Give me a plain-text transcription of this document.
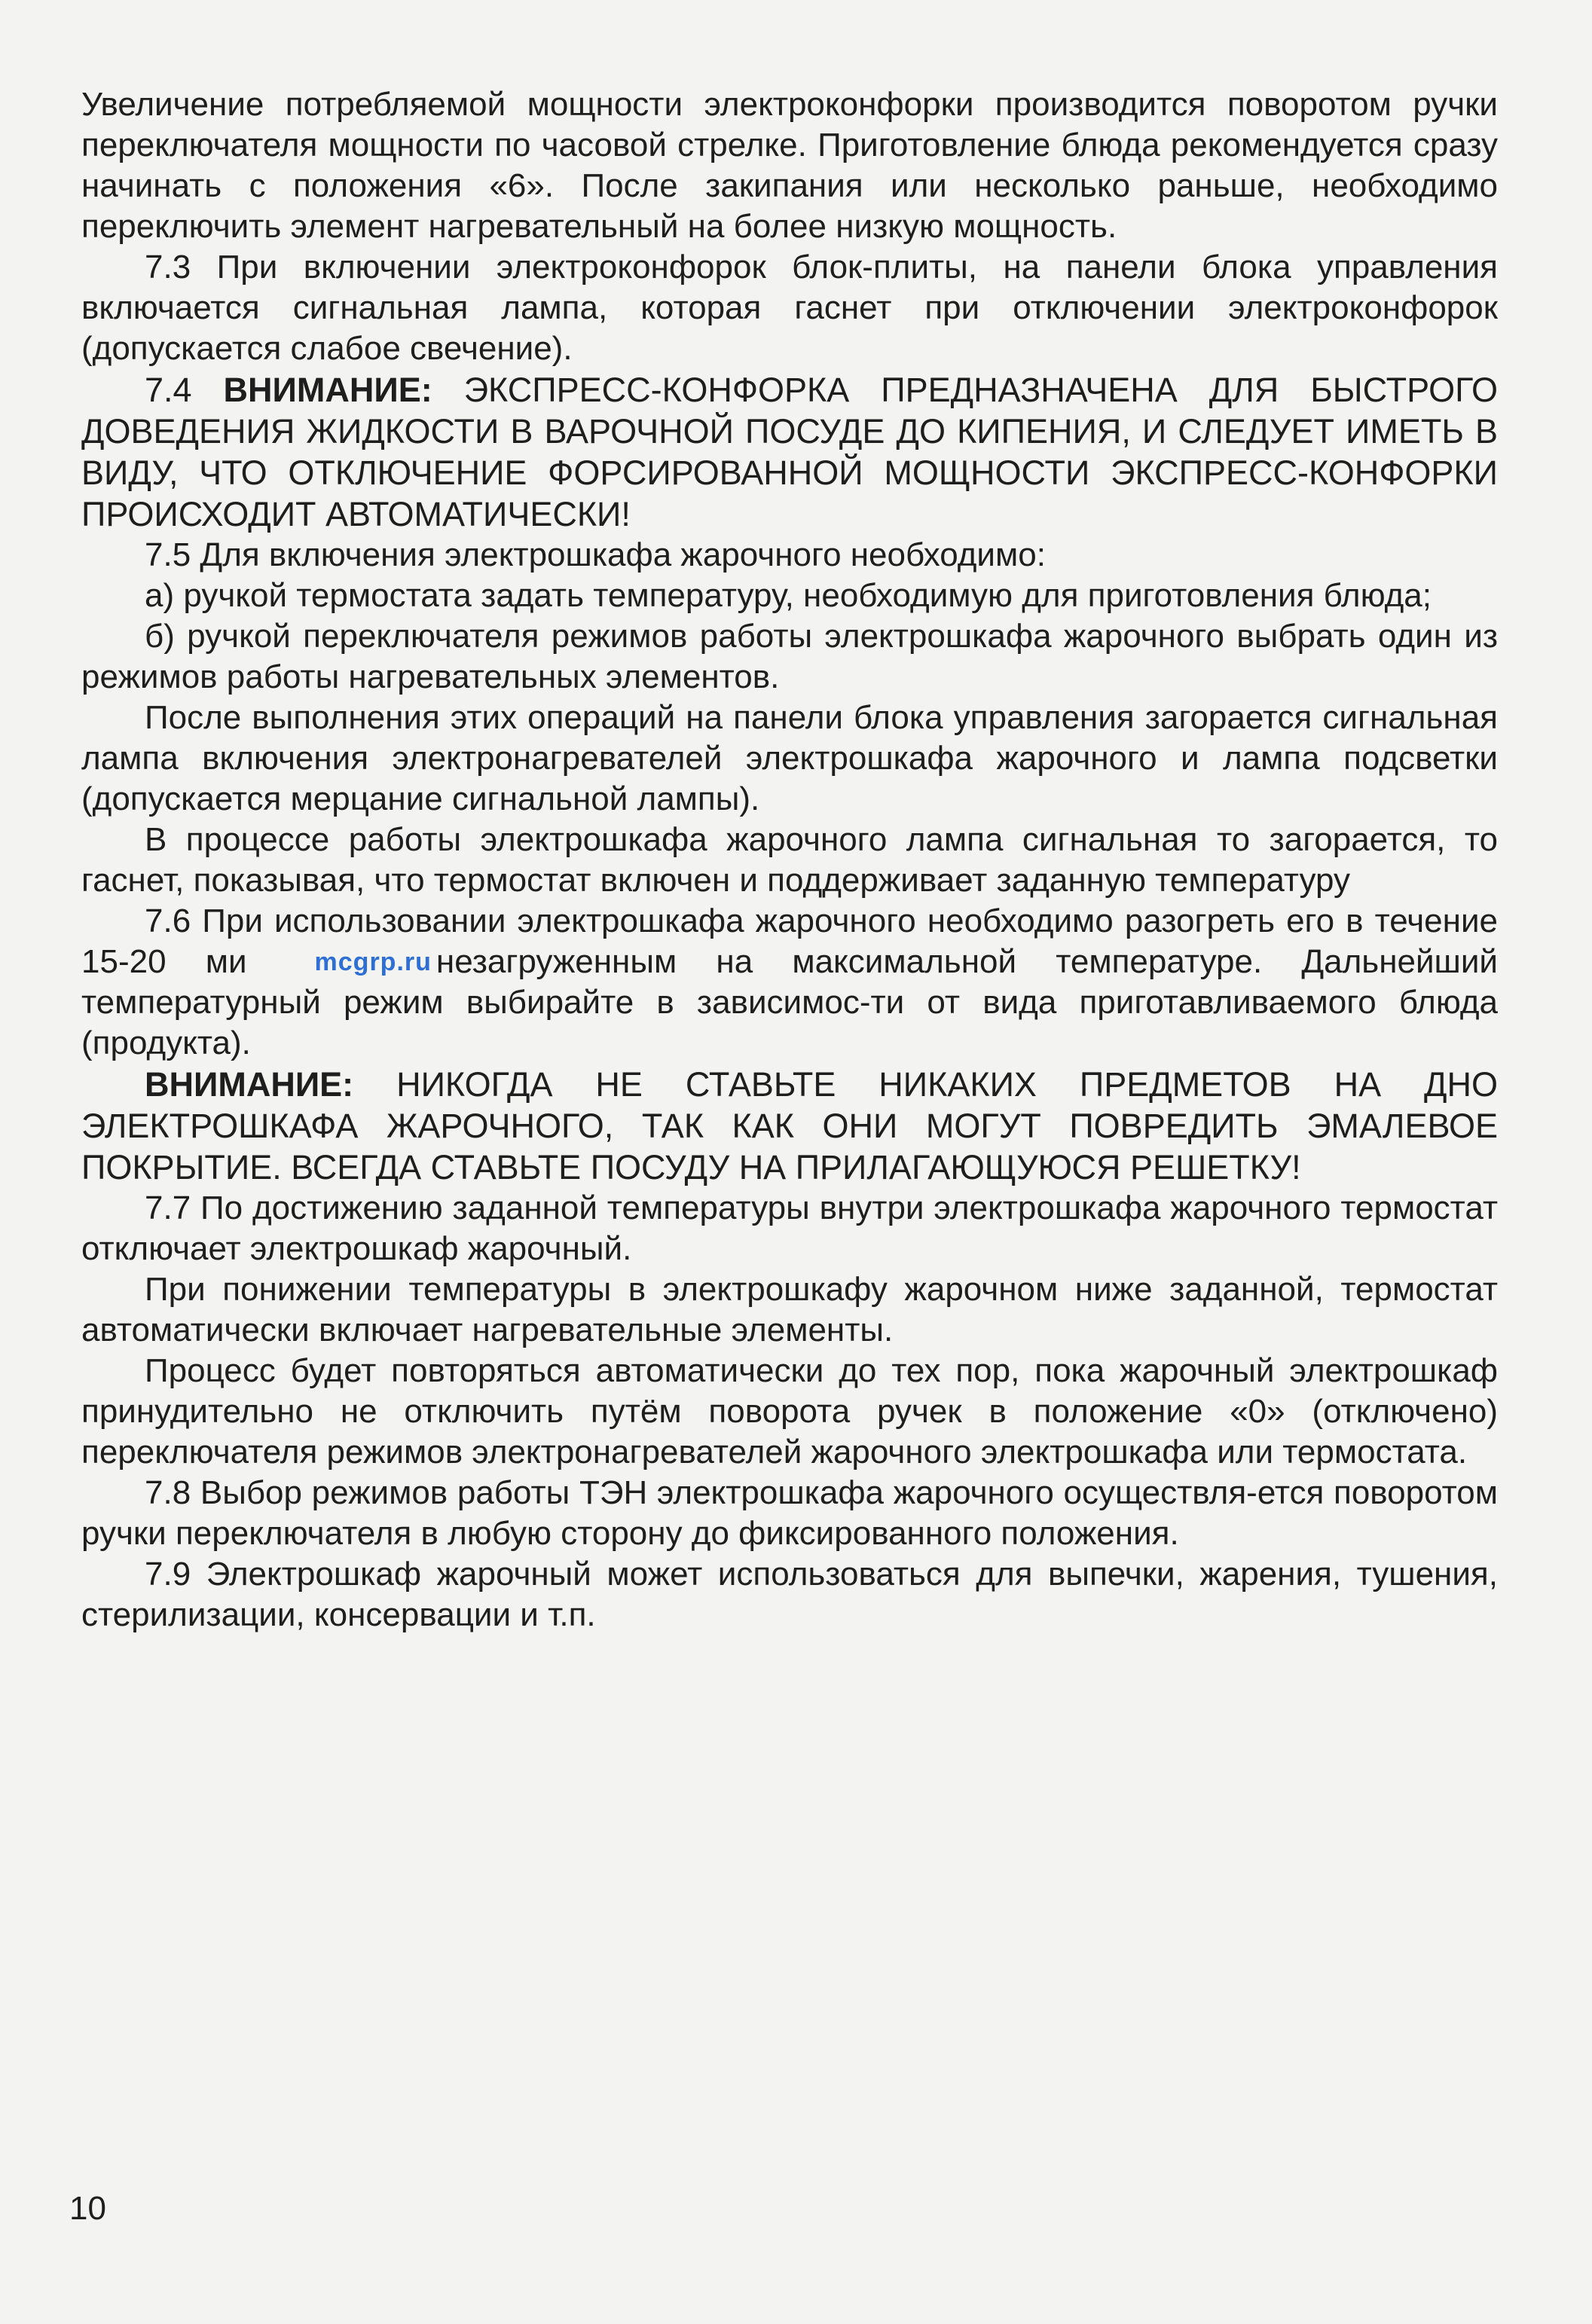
Увеличение потребляемой мощности электроконфорки производится поворотом ручки переключателя мощности по часовой стрелке. Приготовление блюда рекомендуется сразу начинать с положения «6». После закипания или несколько раньше, необходимо переключить элемент нагревательный на более низкую мощность.

7.3 При включении электроконфорок блок-плиты, на панели блока управления включается сигнальная лампа, которая гаснет при отключении электроконфорок (допускается слабое свечение).

7.4 ВНИМАНИЕ: ЭКСПРЕСС-КОНФОРКА ПРЕДНАЗНАЧЕНА ДЛЯ БЫСТРОГО ДОВЕДЕНИЯ ЖИДКОСТИ В ВАРОЧНОЙ ПОСУДЕ ДО КИПЕНИЯ, И СЛЕДУЕТ ИМЕТЬ В ВИДУ, ЧТО ОТКЛЮЧЕНИЕ ФОРСИРОВАННОЙ МОЩНОСТИ ЭКСПРЕСС-КОНФОРКИ ПРОИСХОДИТ АВТОМАТИЧЕСКИ!

7.5 Для включения электрошкафа жарочного необходимо:

а) ручкой термостата задать температуру, необходимую для приготовления блюда;

б) ручкой переключателя режимов работы электрошкафа жарочного выбрать один из режимов работы нагревательных элементов.

После выполнения этих операций на панели блока управления загорается сигнальная лампа включения электронагревателей электрошкафа жарочного и лампа подсветки (допускается мерцание сигнальной лампы).

В процессе работы электрошкафа жарочного лампа сигнальная то загорается, то гаснет, показывая, что термостат включен и поддерживает заданную температуру

7.6 При использовании электрошкафа жарочного необходимо разогреть его в течение 15-20 ми	mcgrp.ru незагруженным на максимальной температуре. Дальнейший температурный режим выбирайте в зависимос-ти от вида приготавливаемого блюда (продукта).

ВНИМАНИЕ: НИКОГДА НЕ СТАВЬТЕ НИКАКИХ ПРЕДМЕТОВ НА ДНО ЭЛЕКТРОШКАФА ЖАРОЧНОГО, ТАК КАК ОНИ МОГУТ ПОВРЕДИТЬ ЭМАЛЕВОЕ ПОКРЫТИЕ. ВСЕГДА СТАВЬТЕ ПОСУДУ НА ПРИЛАГАЮЩУЮСЯ РЕШЕТКУ!

7.7 По достижению заданной температуры внутри электрошкафа жарочного термостат отключает электрошкаф жарочный.

При понижении температуры в электрошкафу жарочном ниже заданной, термостат автоматически включает нагревательные элементы.

Процесс будет повторяться автоматически до тех пор, пока жарочный электрошкаф принудительно не отключить путём поворота ручек в положение «0» (отключено) переключателя режимов электронагревателей жарочного электрошкафа или термостата.

7.8 Выбор режимов работы ТЭН электрошкафа жарочного осуществля-ется поворотом ручки переключателя в любую сторону до фиксированного положения.

7.9 Электрошкаф жарочный может использоваться для выпечки, жарения, тушения, стерилизации, консервации и т.п.

10
